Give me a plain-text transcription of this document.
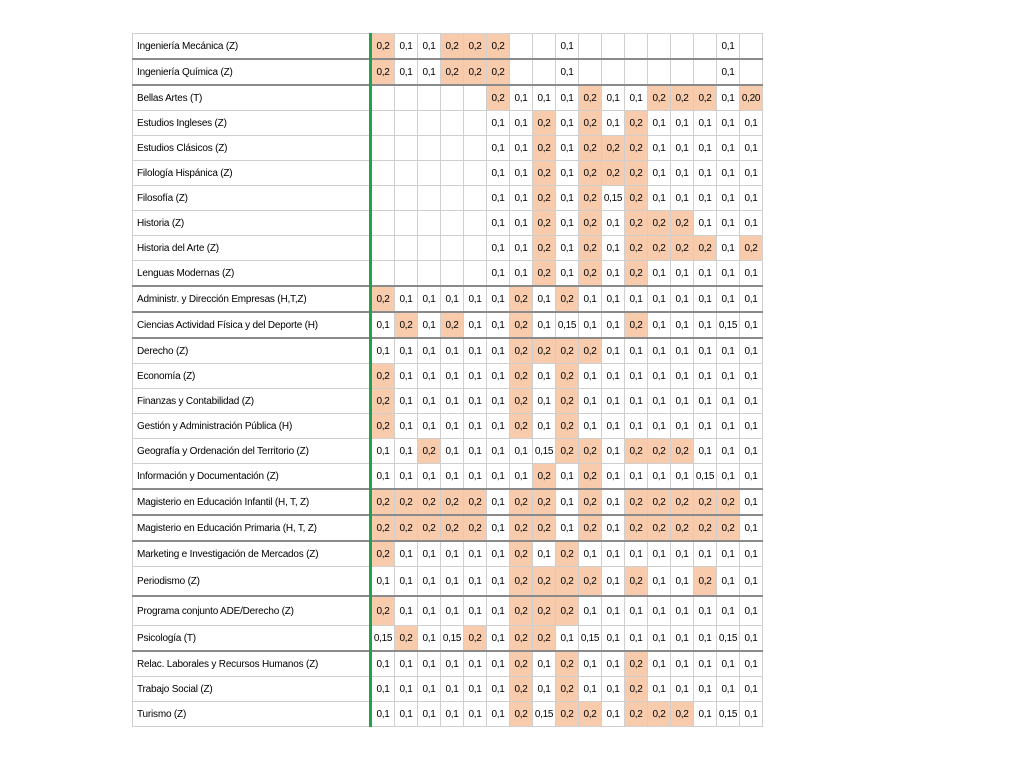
Ingeniería Mecánica (Z)	0,2	0,1	0,1	0,2	0,2	0,2			0,1							0,1	
Ingeniería Química (Z)	0,2	0,1	0,1	0,2	0,2	0,2			0,1							0,1	
Bellas Artes (T)						0,2	0,1	0,1	0,1	0,2	0,1	0,1	0,2	0,2	0,2	0,1	0,20
Estudios Ingleses (Z)						0,1	0,1	0,2	0,1	0,2	0,1	0,2	0,1	0,1	0,1	0,1	0,1
Estudios Clásicos (Z)						0,1	0,1	0,2	0,1	0,2	0,2	0,2	0,1	0,1	0,1	0,1	0,1
Filología Hispánica (Z)						0,1	0,1	0,2	0,1	0,2	0,2	0,2	0,1	0,1	0,1	0,1	0,1
Filosofía (Z)						0,1	0,1	0,2	0,1	0,2	0,15	0,2	0,1	0,1	0,1	0,1	0,1
Historia (Z)						0,1	0,1	0,2	0,1	0,2	0,1	0,2	0,2	0,2	0,1	0,1	0,1
Historia del Arte (Z)						0,1	0,1	0,2	0,1	0,2	0,1	0,2	0,2	0,2	0,2	0,1	0,2
Lenguas Modernas (Z)						0,1	0,1	0,2	0,1	0,2	0,1	0,2	0,1	0,1	0,1	0,1	0,1
Administr. y Dirección Empresas (H,T,Z)	0,2	0,1	0,1	0,1	0,1	0,1	0,2	0,1	0,2	0,1	0,1	0,1	0,1	0,1	0,1	0,1	0,1
Ciencias Actividad Física y del Deporte (H)	0,1	0,2	0,1	0,2	0,1	0,1	0,2	0,1	0,15	0,1	0,1	0,2	0,1	0,1	0,1	0,15	0,1
Derecho (Z)	0,1	0,1	0,1	0,1	0,1	0,1	0,2	0,2	0,2	0,2	0,1	0,1	0,1	0,1	0,1	0,1	0,1
Economía (Z)	0,2	0,1	0,1	0,1	0,1	0,1	0,2	0,1	0,2	0,1	0,1	0,1	0,1	0,1	0,1	0,1	0,1
Finanzas y Contabilidad (Z)	0,2	0,1	0,1	0,1	0,1	0,1	0,2	0,1	0,2	0,1	0,1	0,1	0,1	0,1	0,1	0,1	0,1
Gestión y Administración Pública (H)	0,2	0,1	0,1	0,1	0,1	0,1	0,2	0,1	0,2	0,1	0,1	0,1	0,1	0,1	0,1	0,1	0,1
Geografía y Ordenación del Territorio (Z)	0,1	0,1	0,2	0,1	0,1	0,1	0,1	0,15	0,2	0,2	0,1	0,2	0,2	0,2	0,1	0,1	0,1
Información y Documentación (Z)	0,1	0,1	0,1	0,1	0,1	0,1	0,1	0,2	0,1	0,2	0,1	0,1	0,1	0,1	0,15	0,1	0,1
Magisterio en Educación Infantil (H, T, Z)	0,2	0,2	0,2	0,2	0,2	0,1	0,2	0,2	0,1	0,2	0,1	0,2	0,2	0,2	0,2	0,2	0,1
Magisterio en Educación Primaria (H, T, Z)	0,2	0,2	0,2	0,2	0,2	0,1	0,2	0,2	0,1	0,2	0,1	0,2	0,2	0,2	0,2	0,2	0,1
Marketing e Investigación de Mercados (Z)	0,2	0,1	0,1	0,1	0,1	0,1	0,2	0,1	0,2	0,1	0,1	0,1	0,1	0,1	0,1	0,1	0,1
Periodismo (Z)	0,1	0,1	0,1	0,1	0,1	0,1	0,2	0,2	0,2	0,2	0,1	0,2	0,1	0,1	0,2	0,1	0,1
Programa conjunto ADE/Derecho (Z)	0,2	0,1	0,1	0,1	0,1	0,1	0,2	0,2	0,2	0,1	0,1	0,1	0,1	0,1	0,1	0,1	0,1
Psicología (T)	0,15	0,2	0,1	0,15	0,2	0,1	0,2	0,2	0,1	0,15	0,1	0,1	0,1	0,1	0,1	0,15	0,1
Relac. Laborales y Recursos Humanos (Z)	0,1	0,1	0,1	0,1	0,1	0,1	0,2	0,1	0,2	0,1	0,1	0,2	0,1	0,1	0,1	0,1	0,1
Trabajo Social (Z)	0,1	0,1	0,1	0,1	0,1	0,1	0,2	0,1	0,2	0,1	0,1	0,2	0,1	0,1	0,1	0,1	0,1
Turismo (Z)	0,1	0,1	0,1	0,1	0,1	0,1	0,2	0,15	0,2	0,2	0,1	0,2	0,2	0,2	0,1	0,15	0,1
